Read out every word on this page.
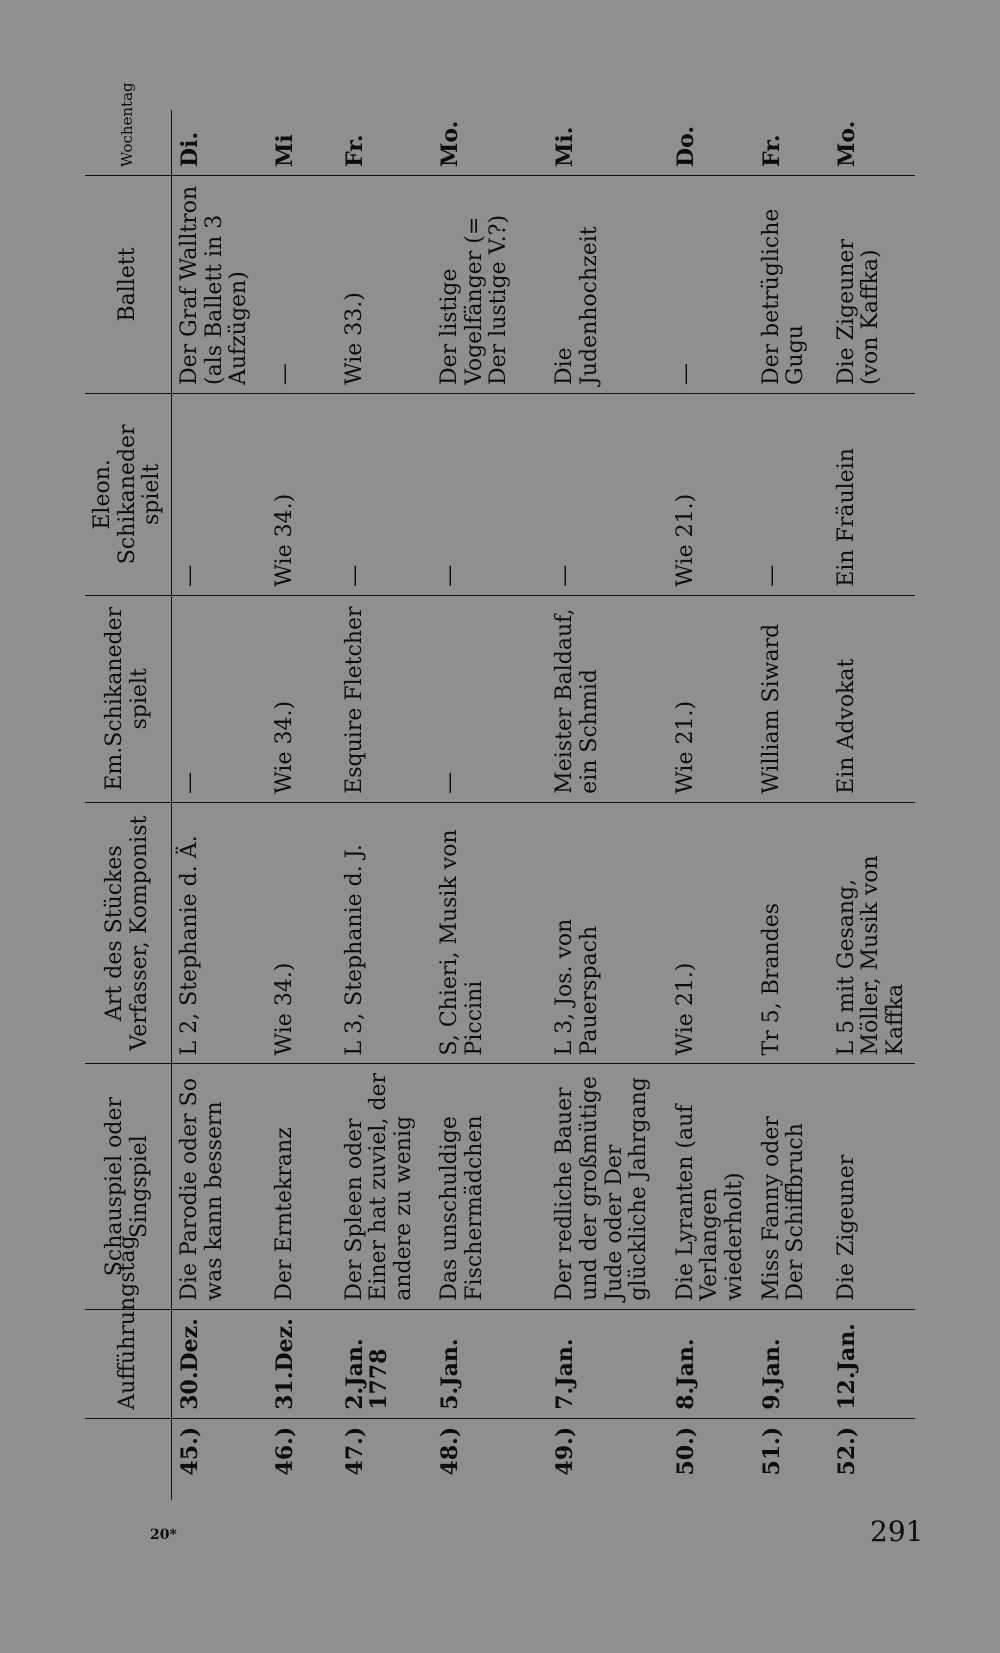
	Aufführungstag	Schauspiel oder Singspiel	Art des Stückes Verfasser, Komponist	Em.Schikaneder spielt	Eleon. Schikaneder spielt	Ballett	Wochentag
45.)	30.Dez.	Die Parodie oder So was kann bessern	L 2, Stephanie d. Ä.	—	—	Der Graf Walltron (als Ballett in 3 Aufzügen)	Di.
46.)	31.Dez.	Der Erntekranz	Wie 34.)	Wie 34.)	Wie 34.)	—	Mi
47.)	2.Jan. 1778	Der Spleen oder Einer hat zuviel, der andere zu wenig	L 3, Stephanie d. J.	Esquire Fletcher	—	Wie 33.)	Fr.
48.)	5.Jan.	Das unschuldige Fischermädchen	S, Chieri, Musik von Piccini	—	—	Der listige Vogelfänger (= Der lustige V.?)	Mo.
49.)	7.Jan.	Der redliche Bauer und der großmütige Jude oder Der glückliche Jahrgang	L 3, Jos. von Pauerspach	Meister Baldauf, ein Schmid	—	Die Judenhochzeit	Mi.
50.)	8.Jan.	Die Lyranten (auf Verlangen wiederholt)	Wie 21.)	Wie 21.)	Wie 21.)	—	Do.
51.)	9.Jan.	Miss Fanny oder Der Schiffbruch	Tr 5, Brandes	William Siward	—	Der betrügliche Gugu	Fr.
52.)	12.Jan.	Die Zigeuner	L 5 mit Gesang, Möller, Musik von Kaffka	Ein Advokat	Ein Fräulein	Die Zigeuner (von Kaffka)	Mo.
20*	291
